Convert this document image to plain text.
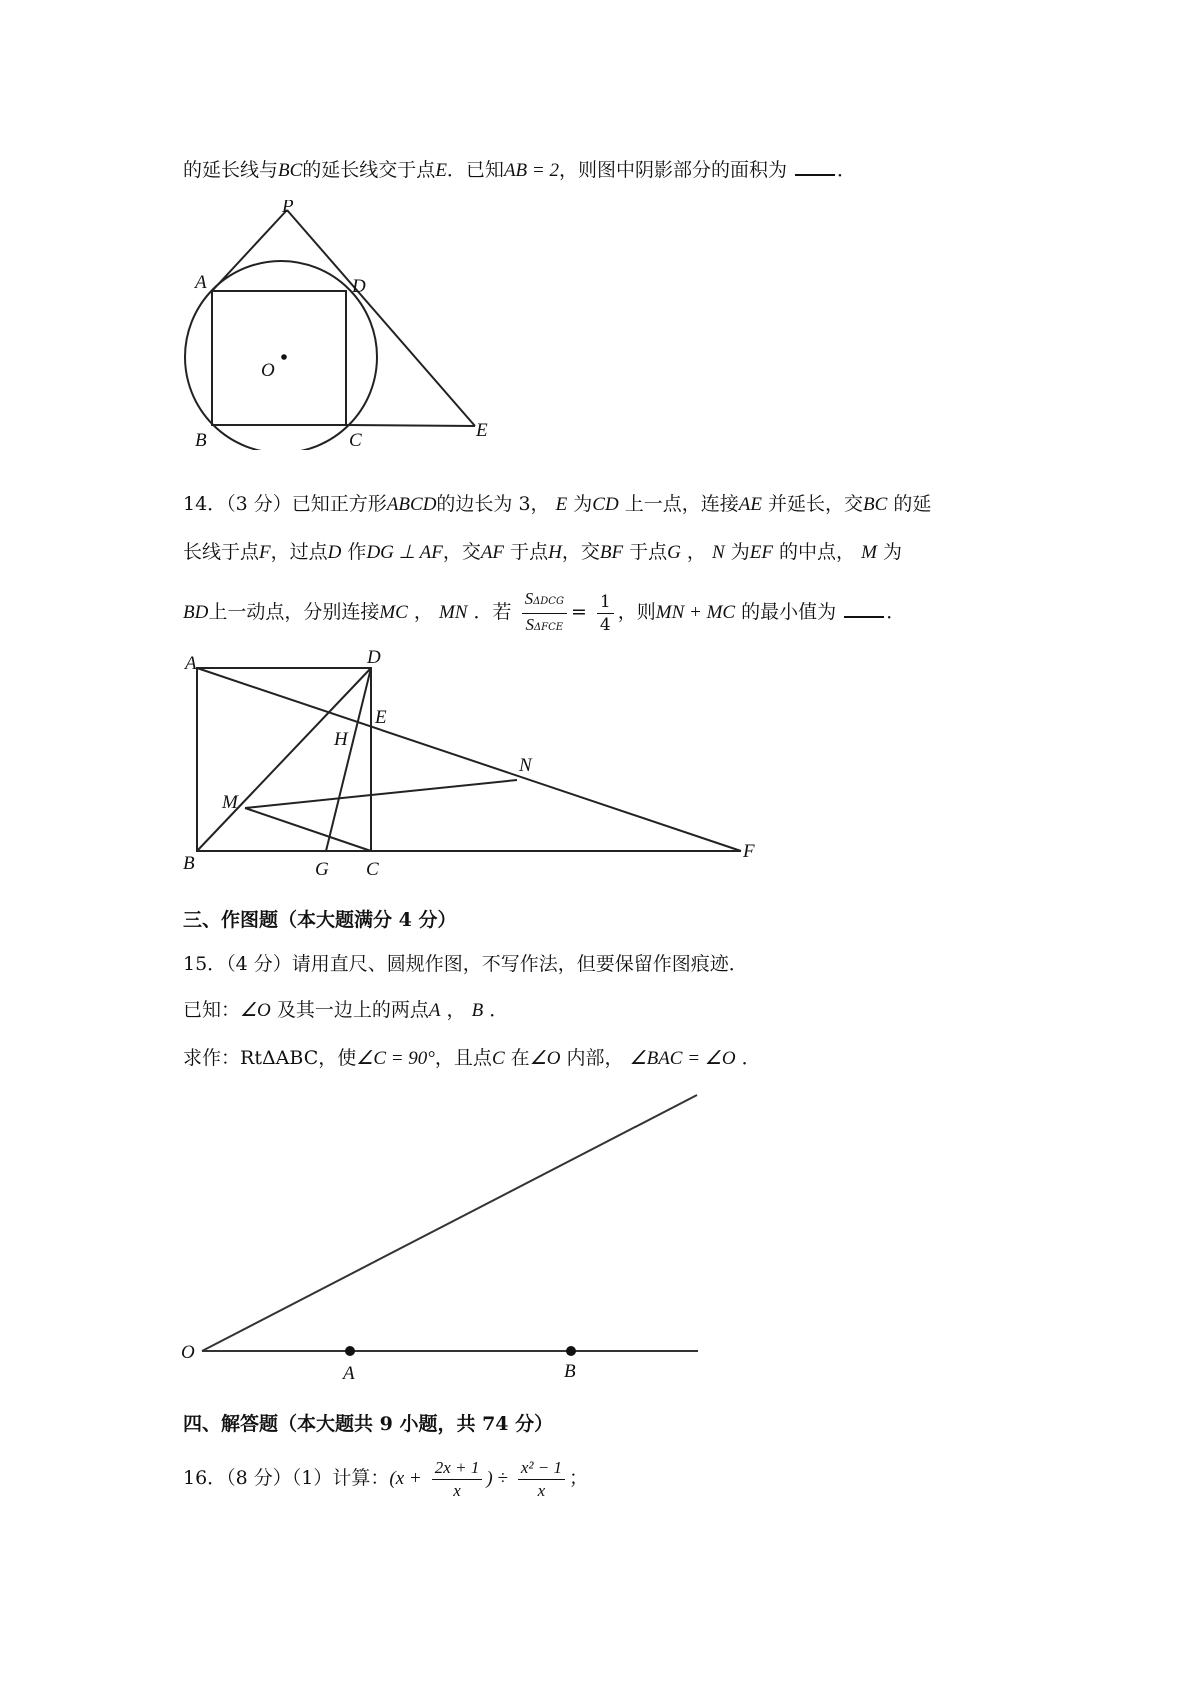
的延长线与BC的延长线交于点E．已知AB = 2，则图中阴影部分的面积为	．
P
A	D
O
B	C	E
14．（3 分）已知正方形ABCD的边长为 3， E 为CD 上一点，连接AE 并延长，交BC 的延
长线于点F，过点D 作DG ⊥ AF，交AF 于点H，交BF 于点G ， N 为EF 的中点， M 为
BD上一动点，分别连接MC ， MN ．若 $\frac{\text{SΔDCG}}{\text{SΔFCE}} = \frac{1}{4}$ ，则MN + MC 的最小值为	．
A	D
E
H
N
M
B	G C
F
三、作图题（本大题满分 4 分）
15．（4 分）请用直尺、圆规作图，不写作法，但要保留作图痕迹．
已知：∠O 及其一边上的两点A ， B ．
求作：RtΔABC，使∠C = 90°，且点C 在∠O 内部， ∠BAC = ∠O ．
O
A	B
四、解答题（本大题共 9 小题，共 74 分）
16．（8 分）（1）计算：($x + \frac{2x + 1}{x}$ ) ÷ $\frac{\text{x² − 1}}{x}$ ；
